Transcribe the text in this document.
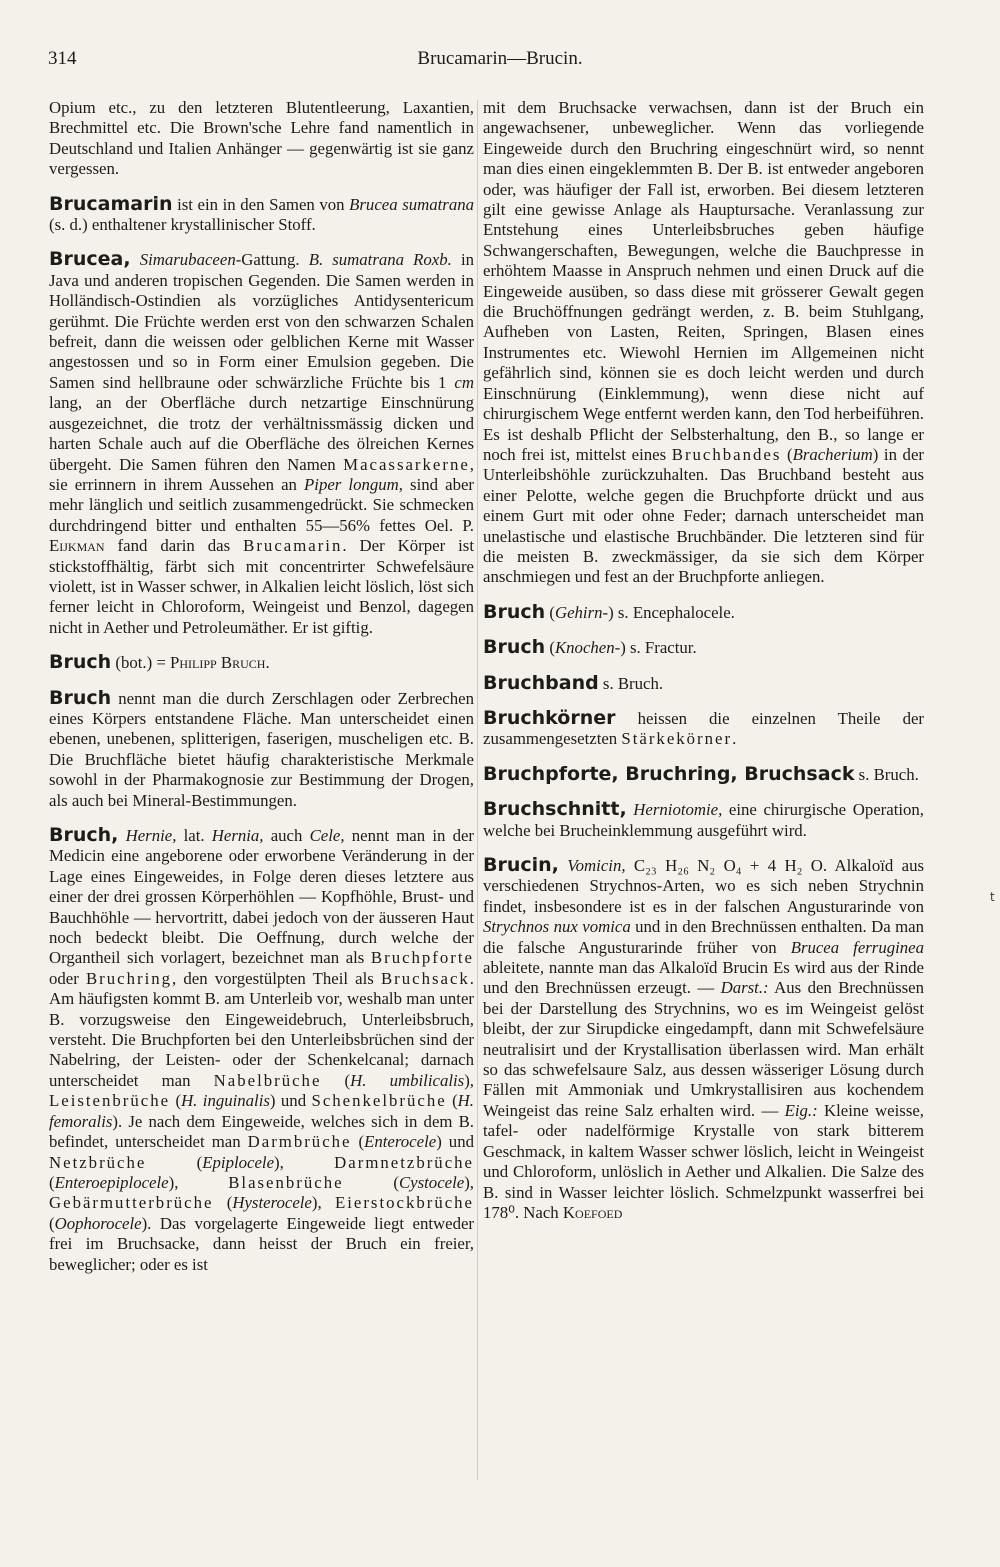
314	Brucamarin—Brucin.

Opium etc., zu den letzteren Blutentleerung, Laxantien, Brechmittel etc. Die Brown'sche Lehre fand namentlich in Deutschland und Italien Anhänger — gegenwärtig ist sie ganz vergessen.

Brucamarin ist ein in den Samen von Brucea sumatrana (s. d.) enthaltener krystallinischer Stoff.

Brucea, Simarubaceen-Gattung. B. sumatrana Roxb. in Java und anderen tropischen Gegenden. Die Samen werden in Holländisch-Ostindien als vorzügliches Antidysentericum gerühmt. Die Früchte werden erst von den schwarzen Schalen befreit, dann die weissen oder gelblichen Kerne mit Wasser angestossen und so in Form einer Emulsion gegeben. Die Samen sind hellbraune oder schwärzliche Früchte bis 1 cm lang, an der Oberfläche durch netzartige Einschnürung ausgezeichnet, die trotz der verhältnissmässig dicken und harten Schale auch auf die Oberfläche des ölreichen Kernes übergeht. Die Samen führen den Namen Macassarkerne, sie errinnern in ihrem Aussehen an Piper longum, sind aber mehr länglich und seitlich zusammengedrückt. Sie schmecken durchdringend bitter und enthalten 55—56% fettes Oel. P. Eijkman fand darin das Brucamarin. Der Körper ist stickstoffhältig, färbt sich mit concentrirter Schwefelsäure violett, ist in Wasser schwer, in Alkalien leicht löslich, löst sich ferner leicht in Chloroform, Weingeist und Benzol, dagegen nicht in Aether und Petroleumäther. Er ist giftig.

Bruch (bot.) = Philipp Bruch.

Bruch nennt man die durch Zerschlagen oder Zerbrechen eines Körpers entstandene Fläche. Man unterscheidet einen ebenen, unebenen, splitterigen, faserigen, muscheligen etc. B. Die Bruchfläche bietet häufig charakteristische Merkmale sowohl in der Pharmakognosie zur Bestimmung der Drogen, als auch bei Mineral-Bestimmungen.

Bruch, Hernie, lat. Hernia, auch Cele, nennt man in der Medicin eine angeborene oder erworbene Veränderung in der Lage eines Eingeweides, in Folge deren dieses letztere aus einer der drei grossen Körperhöhlen — Kopfhöhle, Brust- und Bauchhöhle — hervortritt, dabei jedoch von der äusseren Haut noch bedeckt bleibt. Die Oeffnung, durch welche der Organtheil sich vorlagert, bezeichnet man als Bruchpforte oder Bruchring, den vorgestülpten Theil als Bruchsack. Am häufigsten kommt B. am Unterleib vor, weshalb man unter B. vorzugsweise den Eingeweidebruch, Unterleibsbruch, versteht. Die Bruchpforten bei den Unterleibsbrüchen sind der Nabelring, der Leisten- oder der Schenkelcanal; darnach unterscheidet man Nabelbrüche (H. umbilicalis), Leistenbrüche (H. inguinalis) und Schenkelbrüche (H. femoralis). Je nach dem Eingeweide, welches sich in dem B. befindet, unterscheidet man Darmbrüche (Enterocele) und Netzbrüche (Epiplocele), Darmnetzbrüche (Enteroepiplocele), Blasenbrüche (Cystocele), Gebärmutterbrüche (Hysterocele), Eierstockbrüche (Oophorocele). Das vorgelagerte Eingeweide liegt entweder frei im Bruchsacke, dann heisst der Bruch ein freier, beweglicher; oder es ist

mit dem Bruchsacke verwachsen, dann ist der Bruch ein angewachsener, unbeweglicher. Wenn das vorliegende Eingeweide durch den Bruchring eingeschnürt wird, so nennt man dies einen eingeklemmten B. Der B. ist entweder angeboren oder, was häufiger der Fall ist, erworben. Bei diesem letzteren gilt eine gewisse Anlage als Hauptursache. Veranlassung zur Entstehung eines Unterleibsbruches geben häufige Schwangerschaften, Bewegungen, welche die Bauchpresse in erhöhtem Maasse in Anspruch nehmen und einen Druck auf die Eingeweide ausüben, so dass diese mit grösserer Gewalt gegen die Bruchöffnungen gedrängt werden, z. B. beim Stuhlgang, Aufheben von Lasten, Reiten, Springen, Blasen eines Instrumentes etc. Wiewohl Hernien im Allgemeinen nicht gefährlich sind, können sie es doch leicht werden und durch Einschnürung (Einklemmung), wenn diese nicht auf chirurgischem Wege entfernt werden kann, den Tod herbeiführen. Es ist deshalb Pflicht der Selbsterhaltung, den B., so lange er noch frei ist, mittelst eines Bruchbandes (Bracherium) in der Unterleibshöhle zurückzuhalten. Das Bruchband besteht aus einer Pelotte, welche gegen die Bruchpforte drückt und aus einem Gurt mit oder ohne Feder; darnach unterscheidet man unelastische und elastische Bruchbänder. Die letzteren sind für die meisten B. zweckmässiger, da sie sich dem Körper anschmiegen und fest an der Bruchpforte anliegen.

Bruch (Gehirn-) s. Encephalocele.

Bruch (Knochen-) s. Fractur.

Bruchband s. Bruch.

Bruchkörner heissen die einzelnen Theile der zusammengesetzten Stärkekörner.

Bruchpforte, Bruchring, Bruchsack s. Bruch.

Bruchschnitt, Herniotomie, eine chirurgische Operation, welche bei Brucheinklemmung ausgeführt wird.

Brucin, Vomicin, C₂₃ H₂₆ N₂ O₄ + 4 H₂ O. Alkaloïd aus verschiedenen Strychnos-Arten, wo es sich neben Strychnin findet, insbesondere ist es in der falschen Angusturarinde von Strychnos nux vomica und in den Brechnüssen enthalten. Da man die falsche Angusturarinde früher von Brucea ferruginea ableitete, nannte man das Alkaloïd Brucin Es wird aus der Rinde und den Brechnüssen erzeugt. — Darst.: Aus den Brechnüssen bei der Darstellung des Strychnins, wo es im Weingeist gelöst bleibt, der zur Sirupdicke eingedampft, dann mit Schwefelsäure neutralisirt und der Krystallisation überlassen wird. Man erhält so das schwefelsaure Salz, aus dessen wässeriger Lösung durch Fällen mit Ammoniak und Umkrystallisiren aus kochendem Weingeist das reine Salz erhalten wird. — Eig.: Kleine weisse, tafel- oder nadelförmige Krystalle von stark bitterem Geschmack, in kaltem Wasser schwer löslich, leicht in Weingeist und Chloroform, unlöslich in Aether und Alkalien. Die Salze des B. sind in Wasser leichter löslich. Schmelzpunkt wasserfrei bei 178⁰. Nach Koefoed

t
